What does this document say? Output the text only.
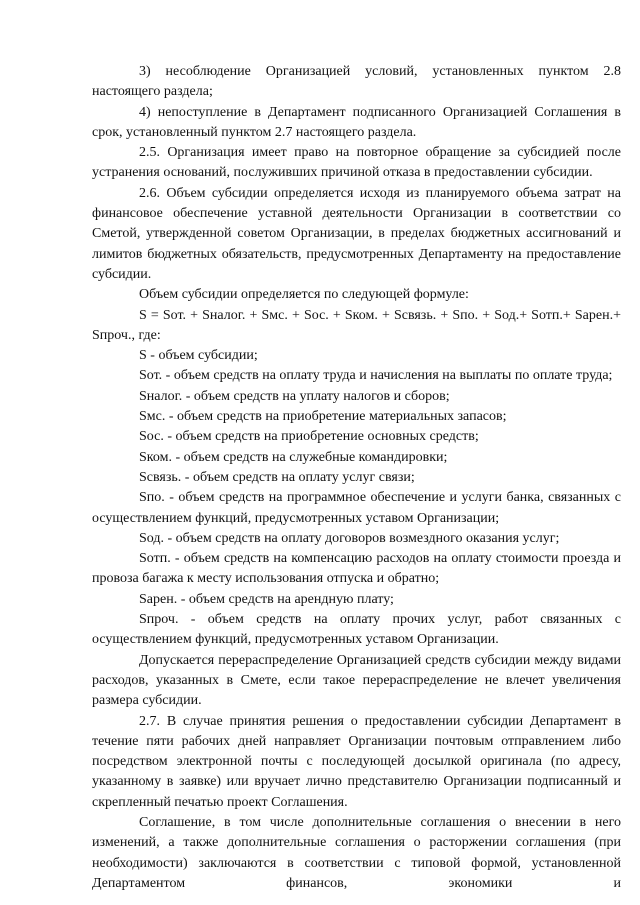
3) несоблюдение Организацией условий, установленных пунктом 2.8 настоящего раздела;

4) непоступление в Департамент подписанного Организацией Соглашения в срок, установленный пунктом 2.7 настоящего раздела.

2.5. Организация имеет право на повторное обращение за субсидией после устранения оснований, послуживших причиной отказа в предоставлении субсидии.

2.6. Объем субсидии определяется исходя из планируемого объема затрат на финансовое обеспечение уставной деятельности Организации в соответствии со Сметой, утвержденной советом Организации, в пределах бюджетных ассигнований и лимитов бюджетных обязательств, предусмотренных Департаменту на предоставление субсидии.

Объем субсидии определяется по следующей формуле:

S = Sот. + Sналог. + Sмс. + Sос. + Sком. + Sсвязь. + Sпо. + Sод.+ Sотп.+ Sарен.+ Sпроч., где:

S - объем субсидии;

Sот. - объем средств на оплату труда и начисления на выплаты по оплате труда;

Sналог. - объем средств на уплату налогов и сборов;

Sмс. - объем средств на приобретение материальных запасов;

Sос. - объем средств на приобретение основных средств;

Sком. - объем средств на служебные командировки;

Sсвязь. - объем средств на оплату услуг связи;

Sпо. - объем средств на программное обеспечение и услуги банка, связанных с осуществлением функций, предусмотренных уставом Организации;

Sод. - объем средств на оплату договоров возмездного оказания услуг;

Sотп. - объем средств на компенсацию расходов на оплату стоимости проезда и провоза багажа к месту использования отпуска и обратно;

Sарен. - объем средств на арендную плату;

Sпроч. - объем средств на оплату прочих услуг, работ связанных с осуществлением функций, предусмотренных уставом Организации.

Допускается перераспределение Организацией средств субсидии между видами расходов, указанных в Смете, если такое перераспределение не влечет увеличения размера субсидии.

2.7. В случае принятия решения о предоставлении субсидии Департамент в течение пяти рабочих дней направляет Организации почтовым отправлением либо посредством электронной почты с последующей досылкой оригинала (по адресу, указанному в заявке) или вручает лично представителю Организации подписанный и скрепленный печатью проект Соглашения.

Соглашение, в том числе дополнительные соглашения о внесении в него изменений, а также дополнительные соглашения о расторжении соглашения (при необходимости) заключаются в соответствии с типовой формой, установленной Департаментом финансов, экономики и
